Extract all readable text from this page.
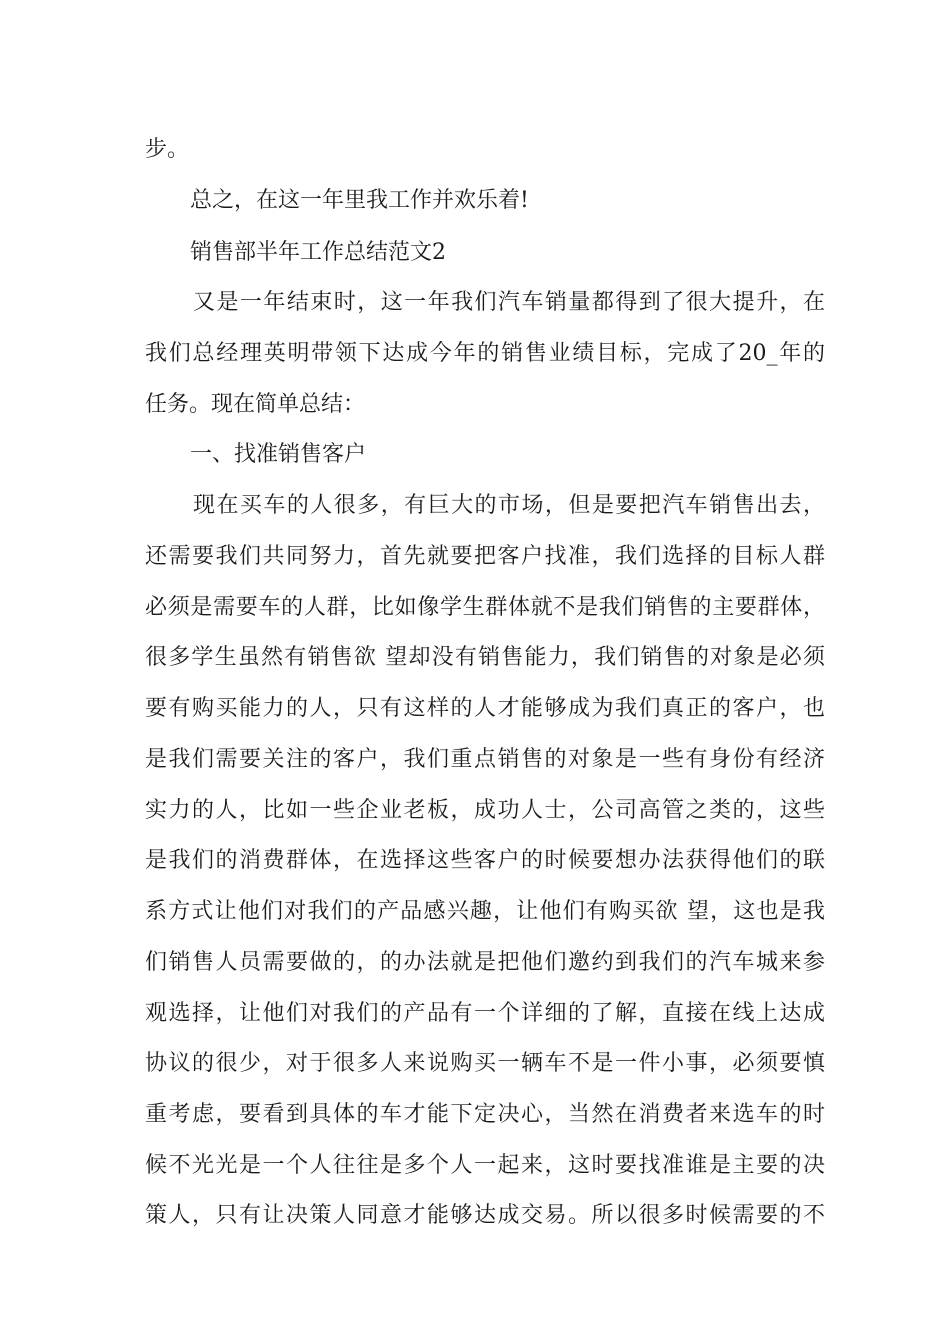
步。
总之，在这一年里我工作并欢乐着!
销售部半年工作总结范文2
又是一年结束时，这一年我们汽车销量都得到了很大提升，在
我们总经理英明带领下达成今年的销售业绩目标，完成了20_年的
任务。现在简单总结：
一、找准销售客户
现在买车的人很多，有巨大的市场，但是要把汽车销售出去，
还需要我们共同努力，首先就要把客户找准，我们选择的目标人群
必须是需要车的人群，比如像学生群体就不是我们销售的主要群体，
很多学生虽然有销售欲 望却没有销售能力，我们销售的对象是必须
要有购买能力的人，只有这样的人才能够成为我们真正的客户，也
是我们需要关注的客户，我们重点销售的对象是一些有身份有经济
实力的人，比如一些企业老板，成功人士，公司高管之类的，这些
是我们的消费群体，在选择这些客户的时候要想办法获得他们的联
系方式让他们对我们的产品感兴趣，让他们有购买欲 望，这也是我
们销售人员需要做的，的办法就是把他们邀约到我们的汽车城来参
观选择，让他们对我们的产品有一个详细的了解，直接在线上达成
协议的很少，对于很多人来说购买一辆车不是一件小事，必须要慎
重考虑，要看到具体的车才能下定决心，当然在消费者来选车的时
候不光光是一个人往往是多个人一起来，这时要找准谁是主要的决
策人，只有让决策人同意才能够达成交易。所以很多时候需要的不
